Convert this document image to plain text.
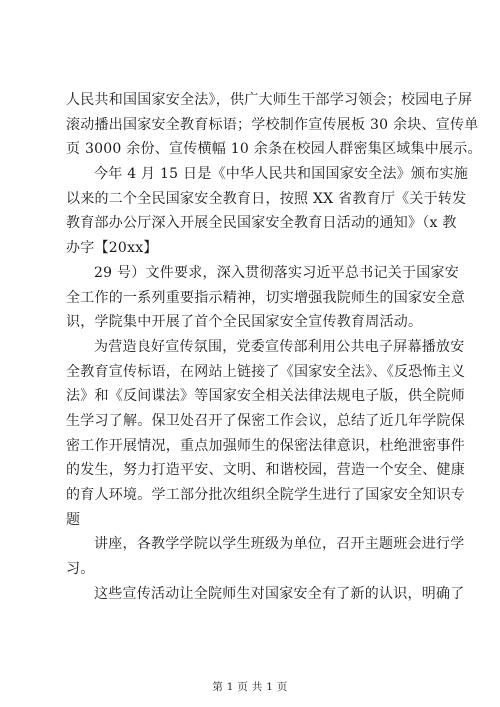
人民共和国国家安全法》，供广大师生干部学习领会；校园电子屏
滚动播出国家安全教育标语；学校制作宣传展板 30 余块、宣传单
页 3000 余份、宣传横幅 10 余条在校园人群密集区域集中展示。
今年 4 月 15 日是《中华人民共和国国家安全法》颁布实施
以来的二个全民国家安全教育日，按照 XX 省教育厅《关于转发
教育部办公厅深入开展全民国家安全教育日活动的通知》（x 教
办字【20xx】
29 号）文件要求，深入贯彻落实习近平总书记关于国家安
全工作的一系列重要指示精神，切实增强我院师生的国家安全意
识，学院集中开展了首个全民国家安全宣传教育周活动。
为营造良好宣传氛围，党委宣传部利用公共电子屏幕播放安
全教育宣传标语，在网站上链接了《国家安全法》、《反恐怖主义
法》和《反间谍法》等国家安全相关法律法规电子版，供全院师
生学习了解。保卫处召开了保密工作会议，总结了近几年学院保
密工作开展情况，重点加强师生的保密法律意识，杜绝泄密事件
的发生，努力打造平安、文明、和谐校园，营造一个安全、健康
的育人环境。学工部分批次组织全院学生进行了国家安全知识专
题
讲座，各教学学院以学生班级为单位，召开主题班会进行学
习。
这些宣传活动让全院师生对国家安全有了新的认识，明确了
第 1 页 共 1 页
